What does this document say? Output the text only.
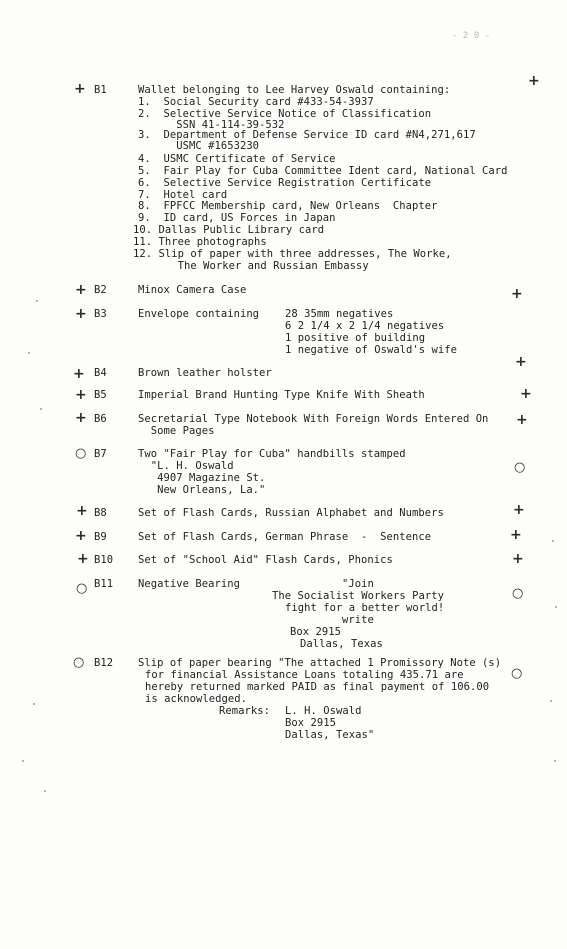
- 2 0 -
B1	Wallet belonging to Lee Harvey Oswald containing:
1.  Social Security card #433-54-3937
2.  Selective Service Notice of Classification
SSN 41-114-39-532
3.  Department of Defense Service ID card #N4,271,617
USMC #1653230
4.  USMC Certificate of Service
5.  Fair Play for Cuba Committee Ident card, National Card
6.  Selective Service Registration Certificate
7.  Hotel card
8.  FPFCC Membership card, New Orleans  Chapter
9.  ID card, US Forces in Japan
10. Dallas Public Library card
11. Three photographs
12. Slip of paper with three addresses, The Worke,
The Worker and Russian Embassy
B2	Minox Camera Case
B3	Envelope containing 28 35mm negatives
6 2 1/4 x 2 1/4 negatives
1 positive of building
1 negative of Oswald's wife
B4	Brown leather holster
B5	Imperial Brand Hunting Type Knife With Sheath
B6	Secretarial Type Notebook With Foreign Words Entered On
Some Pages
B7	Two "Fair Play for Cuba" handbills stamped
"L. H. Oswald
4907 Magazine St.
New Orleans, La."
B8	Set of Flash Cards, Russian Alphabet and Numbers
B9	Set of Flash Cards, German Phrase  -  Sentence
B10 Set of "School Aid" Flash Cards, Phonics
B11 Negative Bearing	"Join
The Socialist Workers Party
fight for a better world!
write
Box 2915
Dallas, Texas
B12 Slip of paper bearing "The attached 1 Promissory Note (s)
for financial Assistance Loans totaling 435.71 are
hereby returned marked PAID as final payment of 106.00
is acknowledged.
Remarks: L. H. Oswald
Box 2915
Dallas, Texas"
+
+
+
+
+
+
○
+
+
+
○
○
+
+
+
+
+
○
+
+
+
○
○
